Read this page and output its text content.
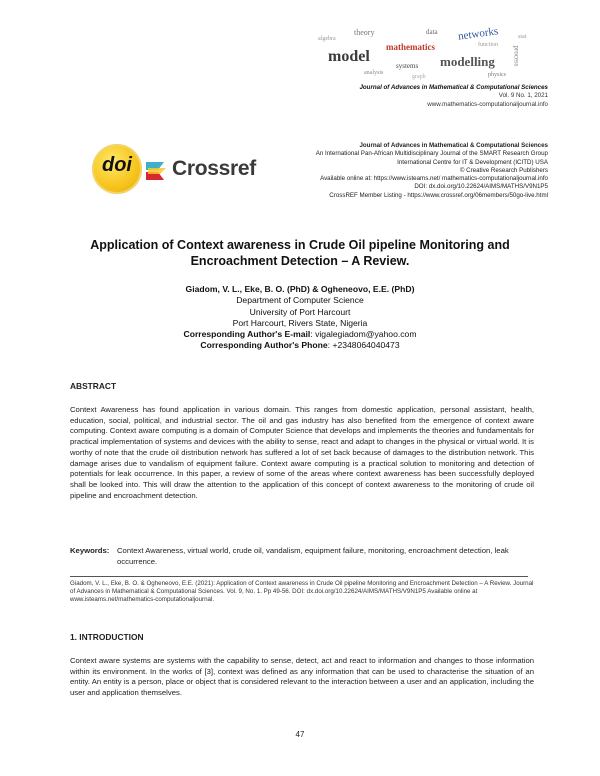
model
mathematics
networks
modelling	process
theory
systems
algebra
data
physics
stat
analysis
graph
function
Journal of Advances in Mathematical & Computational Sciences
Vol. 9 No. 1, 2021
www.mathematics-computationaljournal.info
doi	Crossref
Journal of Advances in Mathematical & Computational Sciences
An International Pan-African Multidisciplinary Journal of the SMART Research Group
International Centre for IT & Development (ICITD) USA
© Creative Research Publishers
Available online at: https://www.isteams.net/ mathematics-computationaljournal.info
DOI: dx.doi.org/10.22624/AIMS/MATHS/V9N1P5
CrossREF Member Listing - https://www.crossref.org/06members/50go-live.html
Application of Context awareness in Crude Oil pipeline Monitoring and
Encroachment Detection – A Review.
Giadom, V. L., Eke, B. O. (PhD) & Ogheneovo, E.E. (PhD)
Department of Computer Science
University of Port Harcourt
Port Harcourt, Rivers State, Nigeria
Corresponding Author's E-mail: vigalegiadom@yahoo.com
Corresponding Author's Phone: +2348064040473
ABSTRACT
Context Awareness has found application in various domain. This ranges from domestic application, personal assistant, health, education, social, political, and industrial sector. The oil and gas industry has also benefited from the emergence of context aware computing. Context aware computing is a domain of Computer Science that develops and implements the theories and fundamentals for practical implementation of systems and devices with the ability to sense, react and adapt to changes in the physical or virtual world. It is worthy of note that the crude oil distribution network has suffered a lot of set back because of damages to the distribution network. This damage arises due to vandalism of equipment failure. Context aware computing is a practical solution to monitoring and detection of potentials for leak occurrence. In this paper, a review of some of the areas where context awareness has been successfully deployed shall be looked into. This will draw the attention to the application of this concept of context awareness to the monitoring of crude oil pipeline and encroachment detection.
Keywords: Context Awareness, virtual world, crude oil, vandalism, equipment failure, monitoring, encroachment detection, leak occurrence.
Giadom, V. L., Eke, B. O. & Ogheneovo, E.E. (2021): Application of Context awareness in Crude Oil pipeline Monitoring and Encroachment Detection – A Review. Journal of Advances in Mathematical & Computational Sciences. Vol. 9, No. 1. Pp 49-56. DOI: dx.doi.org/10.22624/AIMS/MATHS/V9N1P5 Available online at www.isteams.net/mathematics-computationaljournal.
1. INTRODUCTION
Context aware systems are systems with the capability to sense, detect, act and react to information and changes to those information within its environment. In the works of [3], context was defined as any information that can be used to characterise the situation of an entity. An entity is a person, place or object that is considered relevant to the interaction between a user and an application, including the user and application themselves.
47
